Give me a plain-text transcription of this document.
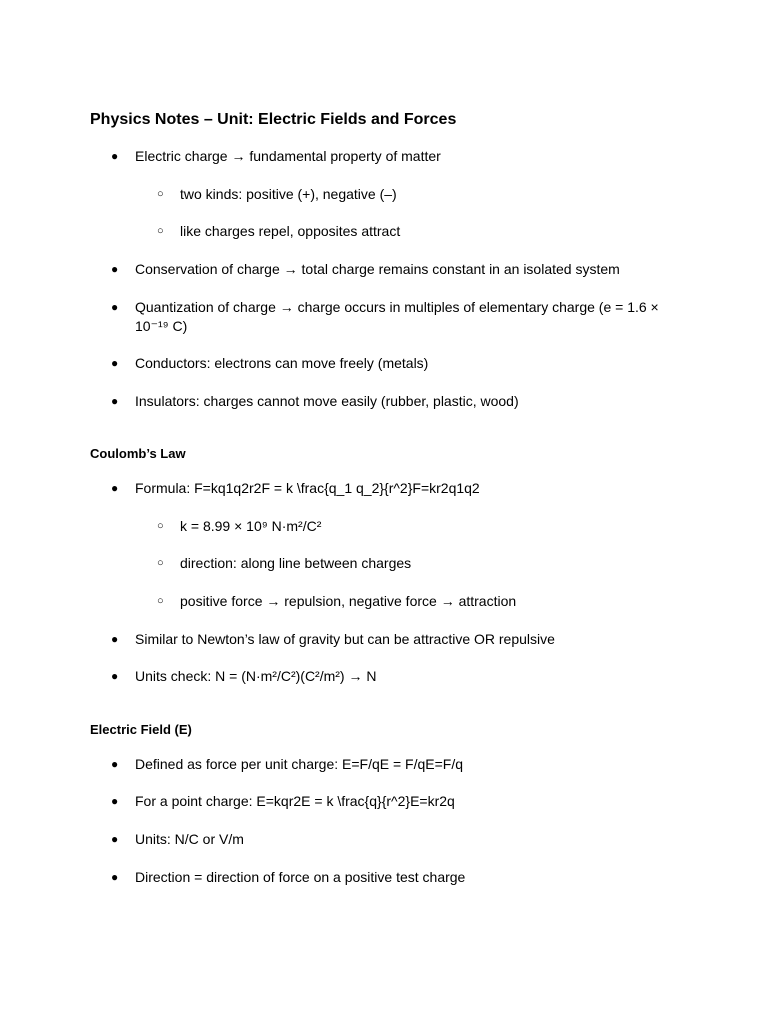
Physics Notes – Unit: Electric Fields and Forces
● Electric charge → fundamental property of matter
○ two kinds: positive (+), negative (–)
○ like charges repel, opposites attract
● Conservation of charge → total charge remains constant in an isolated system
● Quantization of charge → charge occurs in multiples of elementary charge (e = 1.6 × 10⁻¹⁹ C)
● Conductors: electrons can move freely (metals)
● Insulators: charges cannot move easily (rubber, plastic, wood)
Coulomb’s Law
● Formula: F=kq1q2r2F = k \frac{q_1 q_2}{r^2}F=kr2q1q2
○ k = 8.99 × 10⁹ N·m²/C²
○ direction: along line between charges
○ positive force → repulsion, negative force → attraction
● Similar to Newton’s law of gravity but can be attractive OR repulsive
● Units check: N = (N·m²/C²)(C²/m²) → N
Electric Field (E)
● Defined as force per unit charge: E=F/qE = F/qE=F/q
● For a point charge: E=kqr2E = k \frac{q}{r^2}E=kr2q
● Units: N/C or V/m
● Direction = direction of force on a positive test charge
